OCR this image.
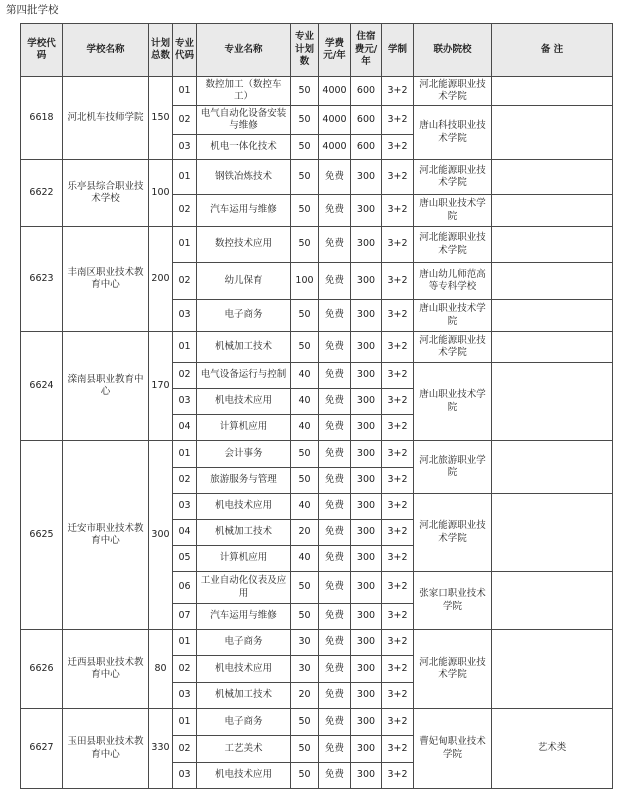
第四批学校
学校代码	学校名称	计划总数	专业代码	专业名称	专业计划数	学费元/年	住宿费元/年	学制	联办院校	备 注
6618	河北机车技师学院	150	01	数控加工（数控车工）	50	4000	600	3+2	河北能源职业技术学院	
			02	电气自动化设备安装与维修	50	4000	600	3+2	唐山科技职业技术学院	
			03	机电一体化技术	50	4000	600	3+2		
6622	乐亭县综合职业技术学校	100	01	钢铁冶炼技术	50	免费	300	3+2	河北能源职业技术学院	
			02	汽车运用与维修	50	免费	300	3+2	唐山职业技术学院	
6623	丰南区职业技术教育中心	200	01	数控技术应用	50	免费	300	3+2	河北能源职业技术学院	
			02	幼儿保育	100	免费	300	3+2	唐山幼儿师范高等专科学校	
			03	电子商务	50	免费	300	3+2	唐山职业技术学院	
6624	滦南县职业教育中心	170	01	机械加工技术	50	免费	300	3+2	河北能源职业技术学院	
			02	电气设备运行与控制	40	免费	300	3+2	唐山职业技术学院	
			03	机电技术应用	40	免费	300	3+2		
			04	计算机应用	40	免费	300	3+2		
6625	迁安市职业技术教育中心	300	01	会计事务	50	免费	300	3+2	河北旅游职业学院	
			02	旅游服务与管理	50	免费	300	3+2		
			03	机电技术应用	40	免费	300	3+2	河北能源职业技术学院	
			04	机械加工技术	20	免费	300	3+2		
			05	计算机应用	40	免费	300	3+2		
			06	工业自动化仪表及应用	50	免费	300	3+2	张家口职业技术学院	
			07	汽车运用与维修	50	免费	300	3+2		
6626	迁西县职业技术教育中心	80	01	电子商务	30	免费	300	3+2	河北能源职业技术学院	
			02	机电技术应用	30	免费	300	3+2		
			03	机械加工技术	20	免费	300	3+2		
6627	玉田县职业技术教育中心	330	01	电子商务	50	免费	300	3+2	曹妃甸职业技术学院	艺术类
			02	工艺美术	50	免费	300	3+2		
			03	机电技术应用	50	免费	300	3+2		
